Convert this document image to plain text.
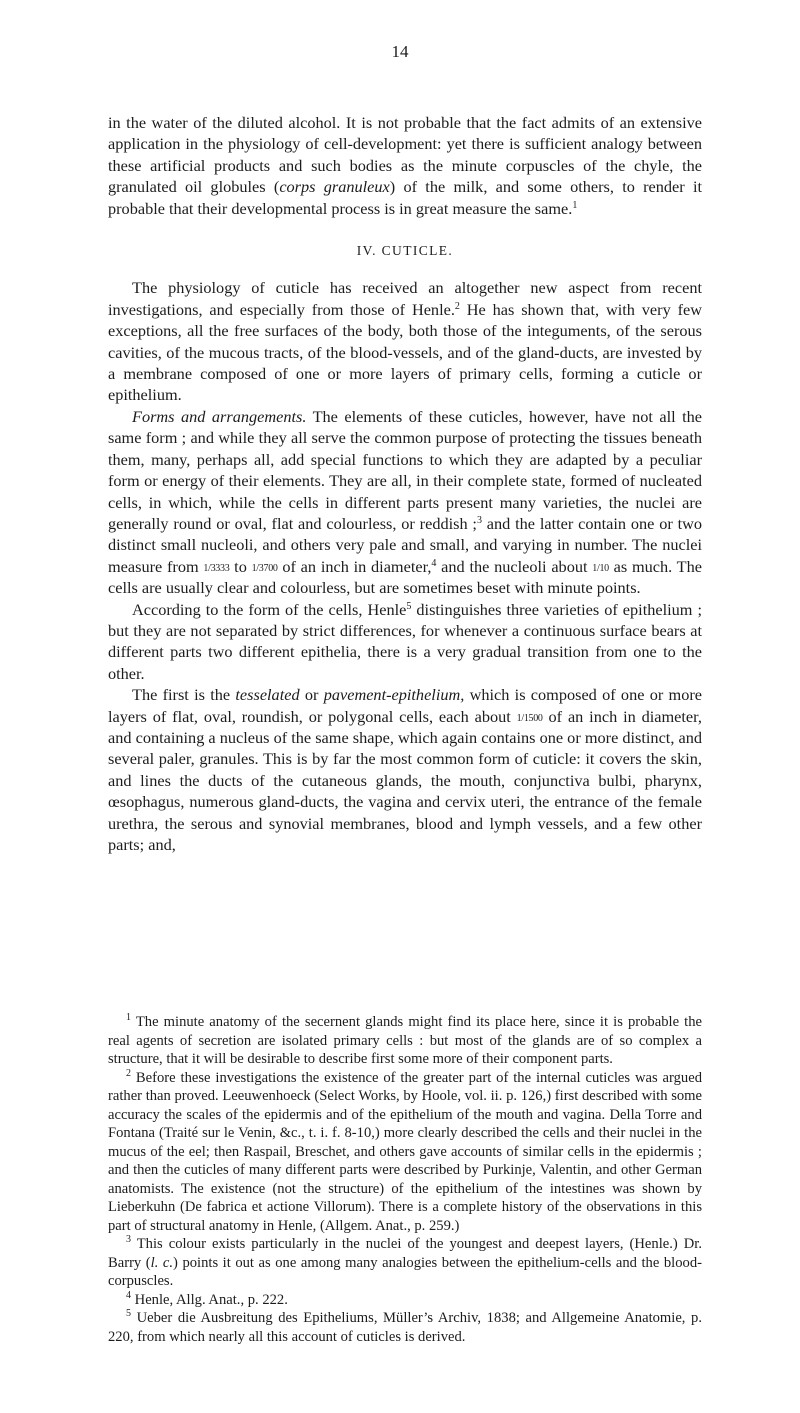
14

in the water of the diluted alcohol. It is not probable that the fact admits of an extensive application in the physiology of cell-development: yet there is sufficient analogy between these artificial products and such bodies as the minute corpuscles of the chyle, the granulated oil globules (corps granuleux) of the milk, and some others, to render it probable that their developmental process is in great measure the same.$^1$

IV. CUTICLE.

The physiology of cuticle has received an altogether new aspect from recent investigations, and especially from those of Henle.$^2$ He has shown that, with very few exceptions, all the free surfaces of the body, both those of the integuments, of the serous cavities, of the mucous tracts, of the blood-vessels, and of the gland-ducts, are invested by a membrane composed of one or more layers of primary cells, forming a cuticle or epithelium.

Forms and arrangements. The elements of these cuticles, however, have not all the same form ; and while they all serve the common purpose of protecting the tissues beneath them, many, perhaps all, add special functions to which they are adapted by a peculiar form or energy of their elements. They are all, in their complete state, formed of nucleated cells, in which, while the cells in different parts present many varieties, the nuclei are generally round or oval, flat and colourless, or reddish ;$^3$ and the latter contain one or two distinct small nucleoli, and others very pale and small, and varying in number. The nuclei measure from 1/3333 to 1/3700 of an inch in diameter,$^4$ and the nucleoli about 1/10 as much. The cells are usually clear and colourless, but are sometimes beset with minute points.

According to the form of the cells, Henle$^5$ distinguishes three varieties of epithelium ; but they are not separated by strict differences, for whenever a continuous surface bears at different parts two different epithelia, there is a very gradual transition from one to the other.

The first is the tesselated or pavement-epithelium, which is composed of one or more layers of flat, oval, roundish, or polygonal cells, each about 1/1500 of an inch in diameter, and containing a nucleus of the same shape, which again contains one or more distinct, and several paler, granules. This is by far the most common form of cuticle: it covers the skin, and lines the ducts of the cutaneous glands, the mouth, conjunctiva bulbi, pharynx, œsophagus, numerous gland-ducts, the vagina and cervix uteri, the entrance of the female urethra, the serous and synovial membranes, blood and lymph vessels, and a few other parts; and,

$^1$ The minute anatomy of the secernent glands might find its place here, since it is probable the real agents of secretion are isolated primary cells : but most of the glands are of so complex a structure, that it will be desirable to describe first some more of their component parts.

$^2$ Before these investigations the existence of the greater part of the internal cuticles was argued rather than proved. Leeuwenhoeck (Select Works, by Hoole, vol. ii. p. 126,) first described with some accuracy the scales of the epidermis and of the epithelium of the mouth and vagina. Della Torre and Fontana (Traité sur le Venin, &c., t. i. f. 8-10,) more clearly described the cells and their nuclei in the mucus of the eel; then Raspail, Breschet, and others gave accounts of similar cells in the epidermis ; and then the cuticles of many different parts were described by Purkinje, Valentin, and other German anatomists. The existence (not the structure) of the epithelium of the intestines was shown by Lieberkuhn (De fabrica et actione Villorum). There is a complete history of the observations in this part of structural anatomy in Henle, (Allgem. Anat., p. 259.)

$^3$ This colour exists particularly in the nuclei of the youngest and deepest layers, (Henle.) Dr. Barry (l. c.) points it out as one among many analogies between the epithelium-cells and the blood-corpuscles.

$^4$ Henle, Allg. Anat., p. 222.

$^5$ Ueber die Ausbreitung des Epitheliums, Müller’s Archiv, 1838; and Allgemeine Anatomie, p. 220, from which nearly all this account of cuticles is derived.
